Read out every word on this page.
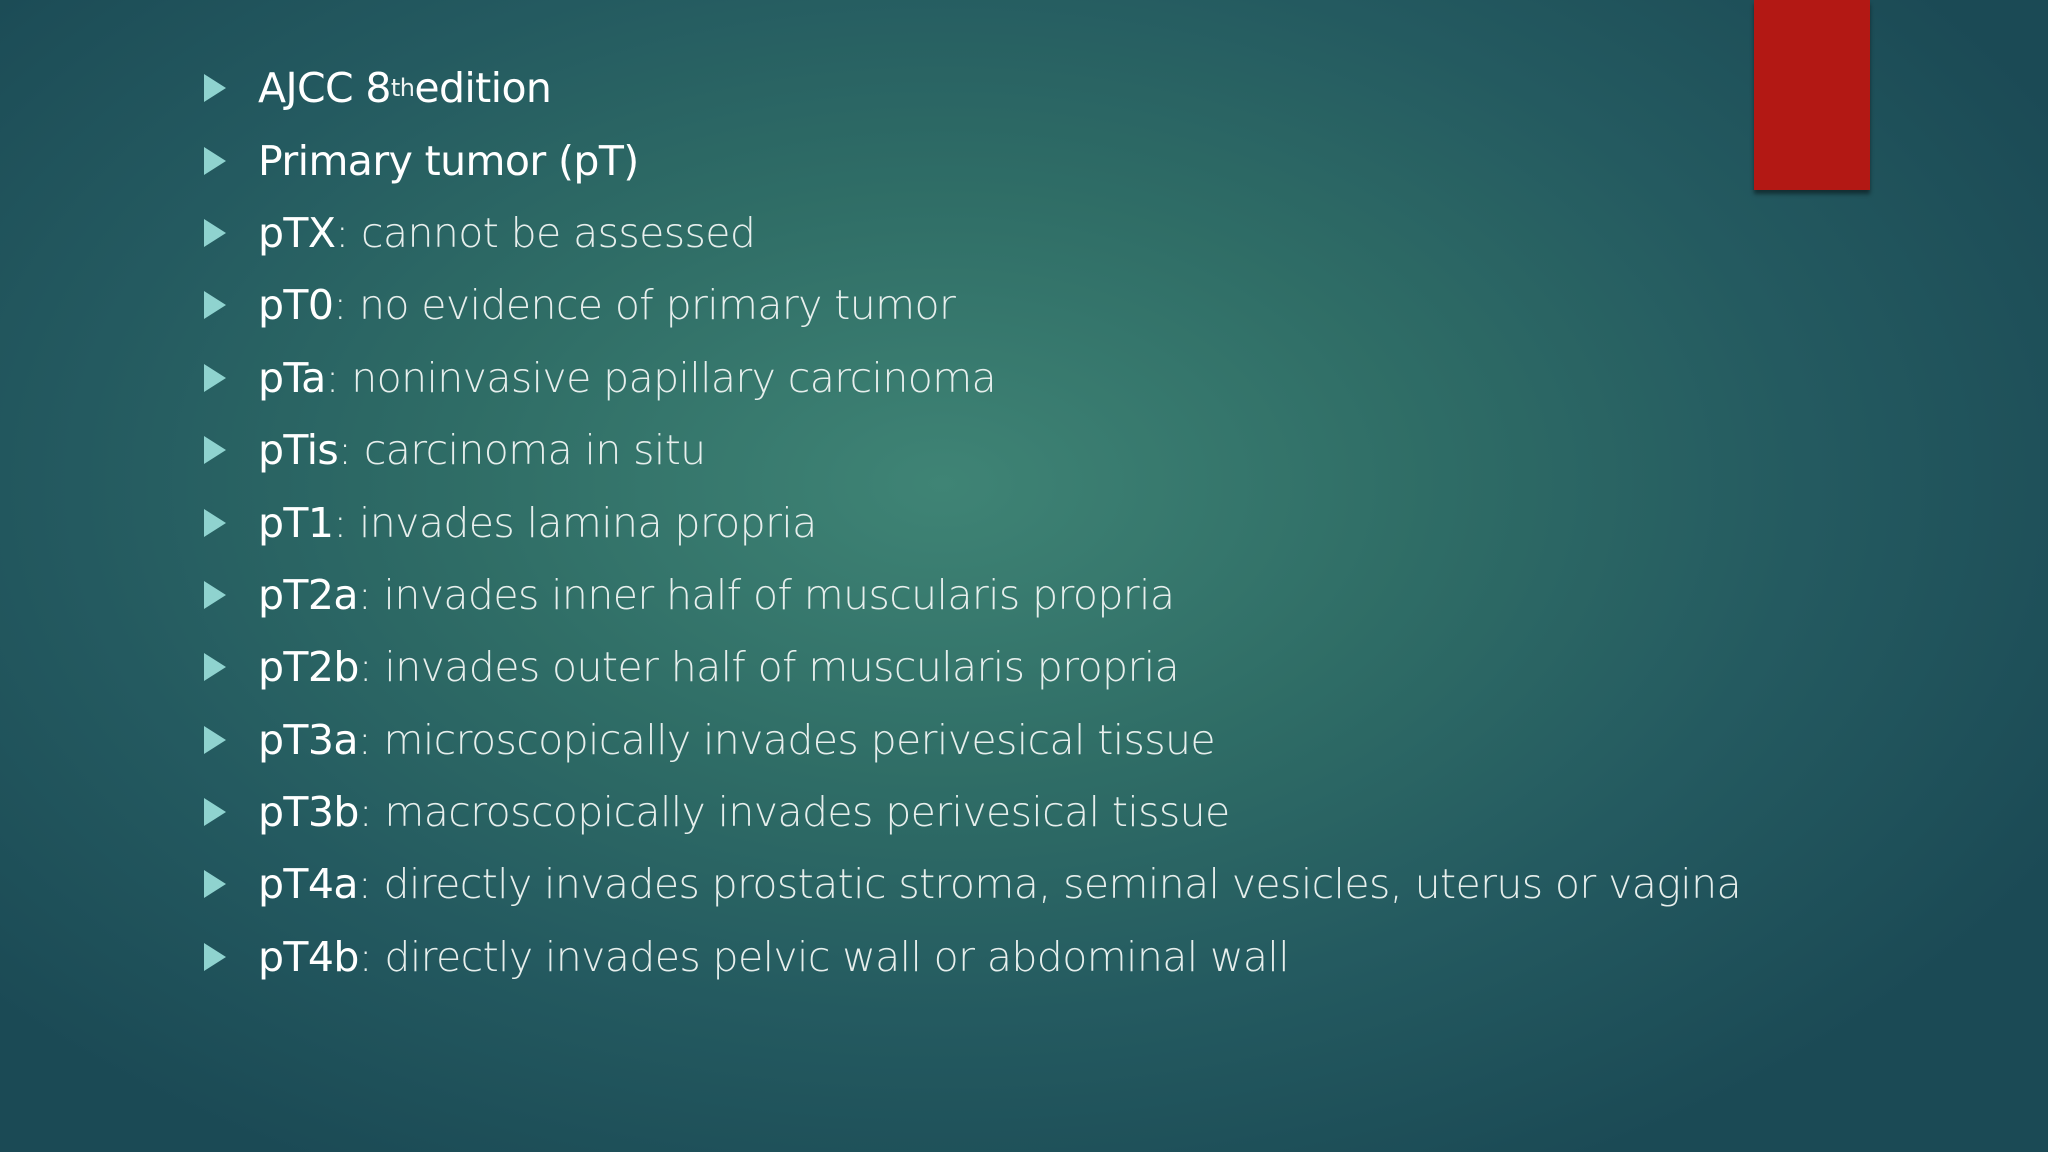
AJCC 8 th edition
Primary tumor (pT)
pTX : cannot be assessed
pT0 : no evidence of primary tumor
pTa : noninvasive papillary carcinoma
pTis : carcinoma in situ
pT1 : invades lamina propria
pT2a : invades inner half of muscularis propria
pT2b : invades outer half of muscularis propria
pT3a : microscopically invades perivesical tissue
pT3b : macroscopically invades perivesical tissue
pT4a : directly invades prostatic stroma, seminal vesicles, uterus or vagina
pT4b : directly invades pelvic wall or abdominal wall
